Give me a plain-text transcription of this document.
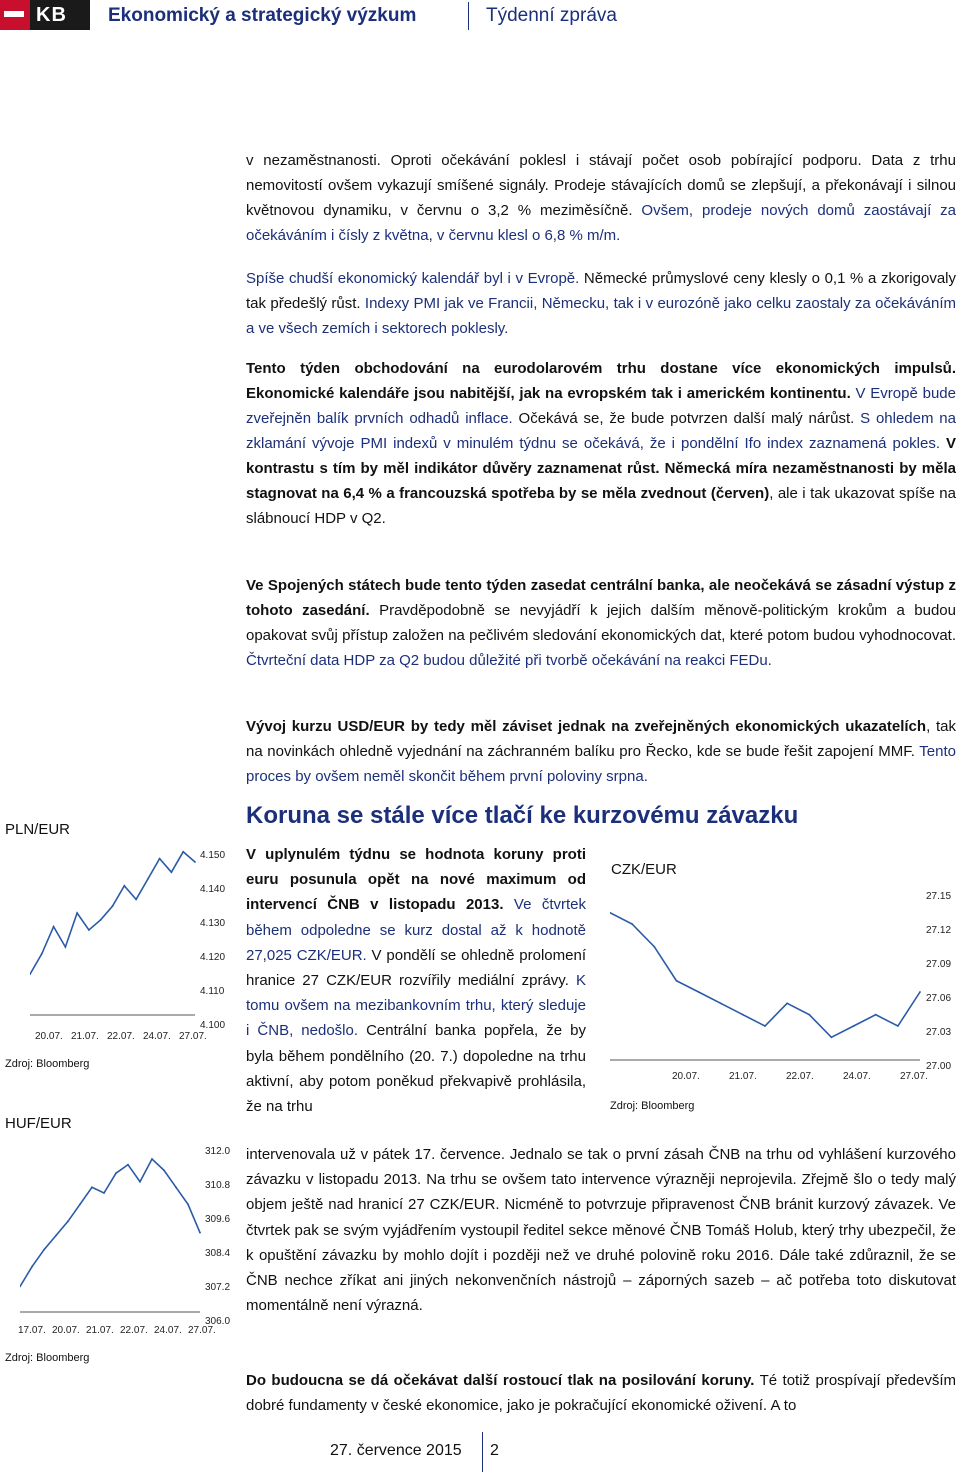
KB Ekonomický a strategický výzkum	Týdenní zpráva

v nezaměstnanosti. Oproti očekávání poklesl i stávají počet osob pobírající podporu. Data z trhu nemovitostí ovšem vykazují smíšené signály. Prodeje stávajících domů se zlepšují, a překonávají i silnou květnovou dynamiku, v červnu o 3,2 % meziměsíčně. Ovšem, prodeje nových domů zaostávají za očekáváním i čísly z května, v červnu klesl o 6,8 % m/m.

Spíše chudší ekonomický kalendář byl i v Evropě. Německé průmyslové ceny klesly o 0,1 % a zkorigovaly tak předešlý růst. Indexy PMI jak ve Francii, Německu, tak i v eurozóně jako celku zaostaly za očekáváním a ve všech zemích i sektorech poklesly.

Tento týden obchodování na eurodolarovém trhu dostane více ekonomických impulsů. Ekonomické kalendáře jsou nabitější, jak na evropském tak i americkém kontinentu. V Evropě bude zveřejněn balík prvních odhadů inflace. Očekává se, že bude potvrzen další malý nárůst. S ohledem na zklamání vývoje PMI indexů v minulém týdnu se očekává, že i pondělní Ifo index zaznamená pokles. V kontrastu s tím by měl indikátor důvěry zaznamenat růst. Německá míra nezaměstnanosti by měla stagnovat na 6,4 % a francouzská spotřeba by se měla zvednout (červen), ale i tak ukazovat spíše na slábnoucí HDP v Q2.

Ve Spojených státech bude tento týden zasedat centrální banka, ale neočekává se zásadní výstup z tohoto zasedání. Pravděpodobně se nevyjádří k jejich dalším měnově-politickým krokům a budou opakovat svůj přístup založen na pečlivém sledování ekonomických dat, které potom budou vyhodnocovat. Čtvrteční data HDP za Q2 budou důležité při tvorbě očekávání na reakci FEDu.

Vývoj kurzu USD/EUR by tedy měl záviset jednak na zveřejněných ekonomických ukazatelích, tak na novinkách ohledně vyjednání na záchranném balíku pro Řecko, kde se bude řešit zapojení MMF. Tento proces by ovšem neměl skončit během první poloviny srpna.

Koruna se stále více tlačí ke kurzovému závazku

V uplynulém týdnu se hodnota koruny proti euru posunula opět na nové maximum od intervencí ČNB v listopadu 2013. Ve čtvrtek během odpoledne se kurz dostal až k hodnotě 27,025 CZK/EUR. V pondělí se ohledně prolomení hranice 27 CZK/EUR rozvířily mediální zprávy. K tomu ovšem na mezibankovním trhu, který sleduje i ČNB, nedošlo. Centrální banka popřela, že by byla během pondělního (20. 7.) dopoledne na trhu aktivní, aby potom poněkud překvapivě prohlásila, že na trhu

intervenovala už v pátek 17. července. Jednalo se tak o první zásah ČNB na trhu od vyhlášení kurzového závazku v listopadu 2013. Na trhu se ovšem tato intervence výrazněji neprojevila. Zřejmě šlo o tedy malý objem ještě nad hranicí 27 CZK/EUR. Nicméně to potvrzuje připravenost ČNB bránit kurzový závazek. Ve čtvrtek pak se svým vyjádřením vystoupil ředitel sekce měnové ČNB Tomáš Holub, který trhy ubezpečil, že k opuštění závazku by mohlo dojít i později než ve druhé polovině roku 2016. Dále také zdůraznil, že se ČNB nechce zříkat ani jiných nekonvenčních nástrojů – záporných sazeb – ač potřeba toto diskutovat momentálně není výrazná.

Do budoucna se dá očekávat další rostoucí tlak na posilování koruny. Té totiž prospívají především dobré fundamenty v české ekonomice, jako je pokračující ekonomické oživení. A to

CZK/EUR
27.15
27.12
27.09
27.06
27.03
27.00
20.07.	21.07.	22.07.	24.07.	27.07.
Zdroj: Bloomberg
PLN/EUR
4.150
4.140
4.130
4.120
4.110
4.100
20.07. 21.07. 22.07. 24.07. 27.07.
Zdroj: Bloomberg
HUF/EUR
312.0
310.8
309.6
308.4
307.2
306.0
17.07. 20.07. 21.07. 22.07. 24.07. 27.07.
Zdroj: Bloomberg
27. července 2015 2
